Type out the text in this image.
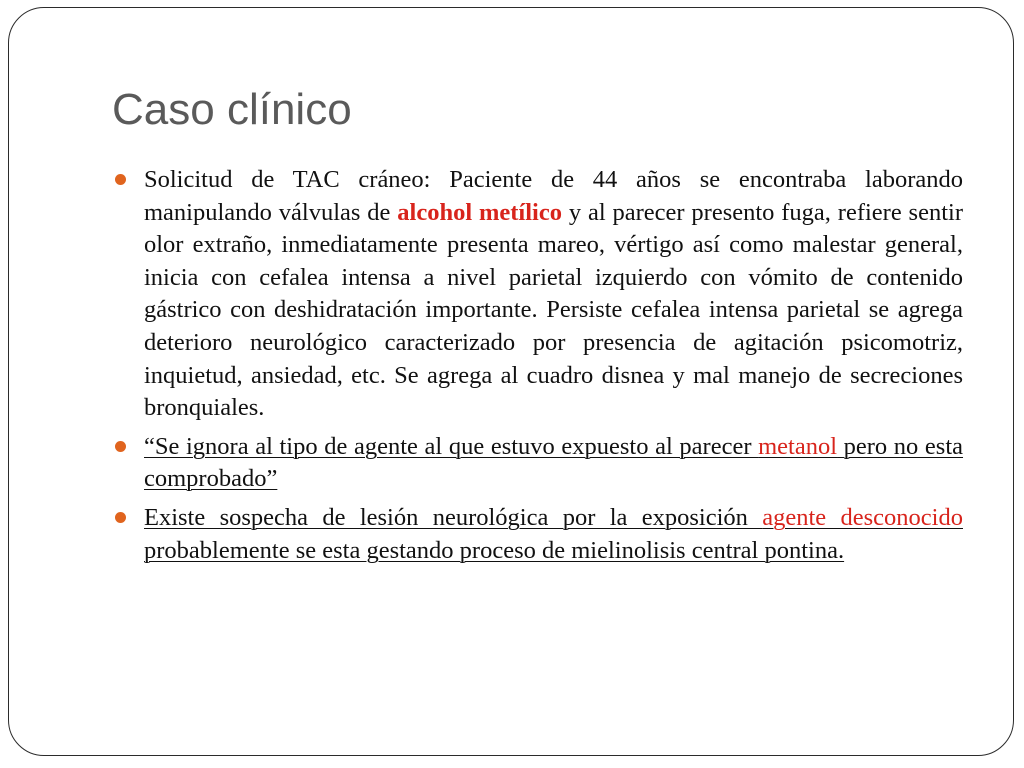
Caso clínico
Solicitud de TAC cráneo: Paciente de 44 años se encontraba laborando manipulando válvulas de alcohol metílico y al parecer presento fuga, refiere sentir olor extraño, inmediatamente presenta mareo, vértigo así como malestar general, inicia con cefalea intensa a nivel parietal izquierdo con vómito de contenido gástrico con deshidratación importante. Persiste cefalea intensa parietal se agrega deterioro neurológico caracterizado por presencia de agitación psicomotriz, inquietud, ansiedad, etc. Se agrega al cuadro disnea y mal manejo de secreciones bronquiales.
“Se ignora al tipo de agente al que estuvo expuesto al parecer metanol pero no esta comprobado”
Existe sospecha de lesión neurológica por la exposición agente desconocido probablemente se esta gestando proceso de mielinolisis central pontina.
